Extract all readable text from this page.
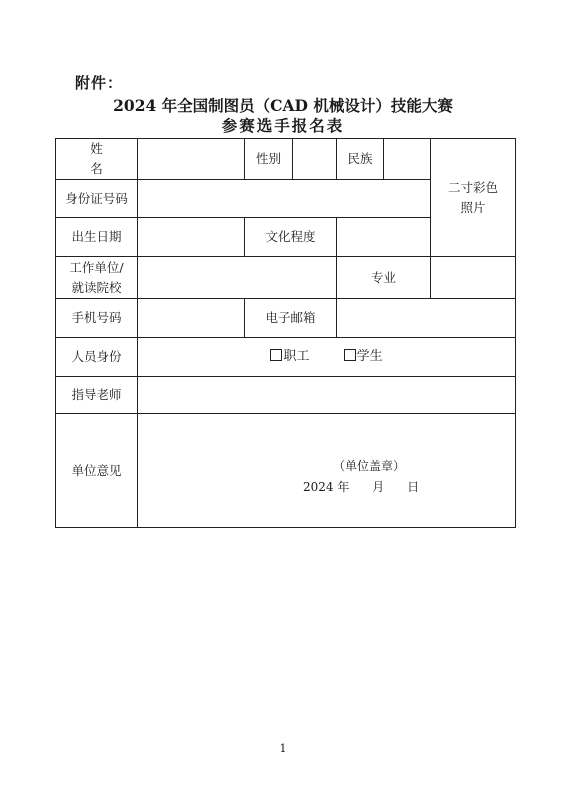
附件：
2024 年全国制图员（CAD 机械设计）技能大赛
参赛选手报名表
姓 名		性别		民族		二寸彩色
照片

身份证号码						
出生日期		文化程度				

工作单位/
就读院校				专业		
手机号码		电子邮箱				
人员身份	职工 学生					
指导老师						
单位意见	（单位盖章）
2024 年      月      日					
1
